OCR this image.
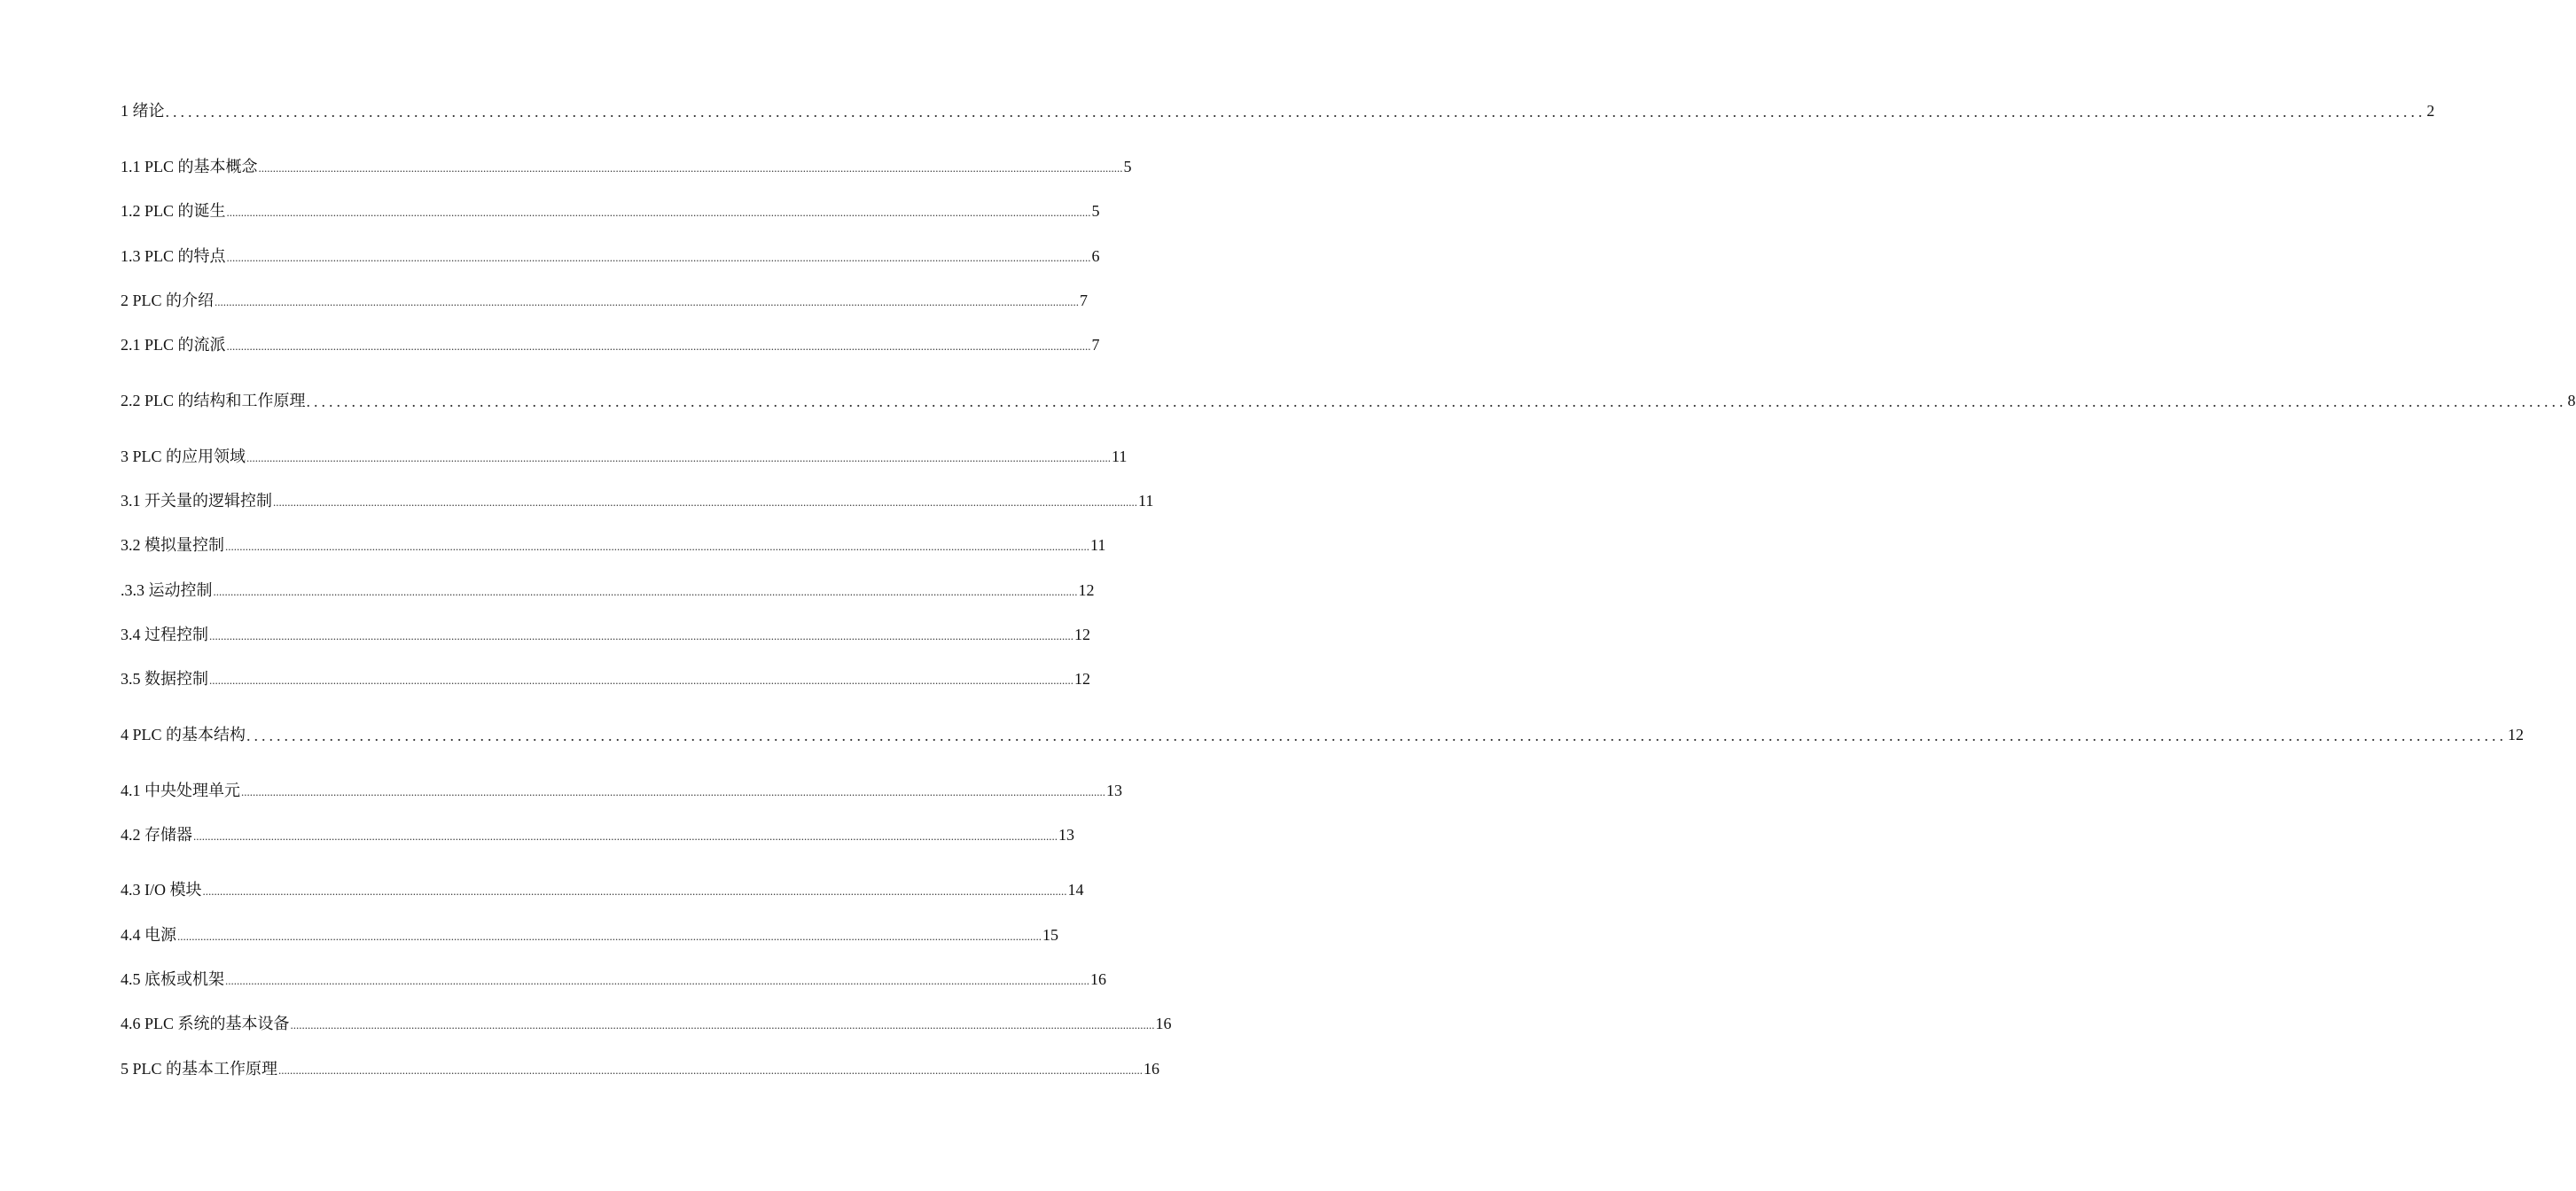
1 绪论 ............................................................................................................................................................................................................................................................................................................ 2
1.1 PLC 的基本概念 ............................................................................................................................................................................................................................................................................................................ 5
1.2 PLC 的诞生 ............................................................................................................................................................................................................................................................................................................ 5
1.3 PLC 的特点 ............................................................................................................................................................................................................................................................................................................ 6
2 PLC 的介绍 ............................................................................................................................................................................................................................................................................................................ 7
2.1 PLC 的流派 ............................................................................................................................................................................................................................................................................................................ 7
2.2 PLC 的结构和工作原理 ............................................................................................................................................................................................................................................................................................................ 8
3 PLC 的应用领域 ............................................................................................................................................................................................................................................................................................................ 11
3.1 开关量的逻辑控制 ............................................................................................................................................................................................................................................................................................................ 11
3.2 模拟量控制 ............................................................................................................................................................................................................................................................................................................ 11
.3.3 运动控制 ............................................................................................................................................................................................................................................................................................................ 12
3.4 过程控制 ............................................................................................................................................................................................................................................................................................................ 12
3.5 数据控制 ............................................................................................................................................................................................................................................................................................................ 12
4 PLC 的基本结构 ............................................................................................................................................................................................................................................................................................................ 12
4.1 中央处理单元 ............................................................................................................................................................................................................................................................................................................ 13
4.2 存储器 ............................................................................................................................................................................................................................................................................................................ 13
4.3 I/O 模块 ............................................................................................................................................................................................................................................................................................................ 14
4.4 电源 ............................................................................................................................................................................................................................................................................................................ 15
4.5 底板或机架 ............................................................................................................................................................................................................................................................................................................ 16
4.6 PLC 系统的基本设备 ............................................................................................................................................................................................................................................................................................................ 16
5 PLC 的基本工作原理 ............................................................................................................................................................................................................................................................................................................ 16
